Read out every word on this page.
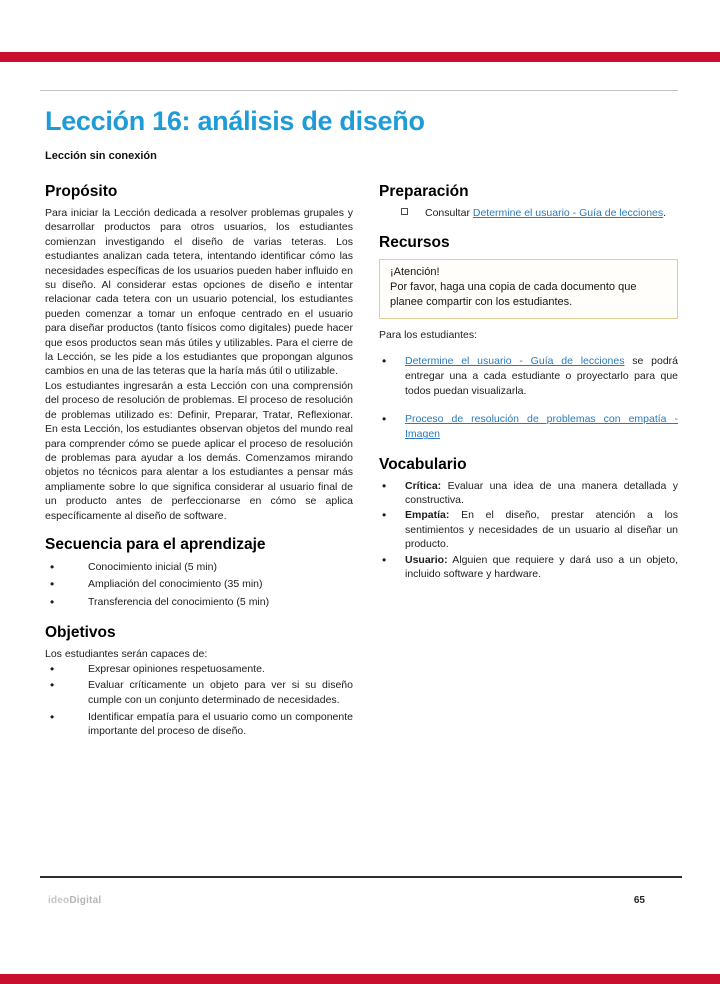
Lección 16: análisis de diseño
Lección sin conexión
Propósito

Para iniciar la Lección dedicada a resolver problemas grupales y desarrollar productos para otros usuarios, los estudiantes comienzan investigando el diseño de varias teteras. Los estudiantes analizan cada tetera, intentando identificar cómo las necesidades específicas de los usuarios pueden haber influido en su diseño. Al considerar estas opciones de diseño e intentar relacionar cada tetera con un usuario potencial, los estudiantes pueden comenzar a tomar un enfoque centrado en el usuario para diseñar productos (tanto físicos como digitales) puede hacer que esos productos sean más útiles y utilizables. Para el cierre de la Lección, se les pide a los estudiantes que propongan algunos cambios en una de las teteras que la haría más útil o utilizable.

Los estudiantes ingresarán a esta Lección con una comprensión del proceso de resolución de problemas. El proceso de resolución de problemas utilizado es: Definir, Preparar, Tratar, Reflexionar. En esta Lección, los estudiantes observan objetos del mundo real para comprender cómo se puede aplicar el proceso de resolución de problemas para ayudar a los demás. Comenzamos mirando objetos no técnicos para alentar a los estudiantes a pensar más ampliamente sobre lo que significa considerar al usuario final de un producto antes de perfeccionarse en cómo se aplica específicamente al diseño de software.

Secuencia para el aprendizaje
• Conocimiento inicial (5 min)
• Ampliación del conocimiento (35 min)
• Transferencia del conocimiento (5 min)
Objetivos

Los estudiantes serán capaces de:

• Expresar opiniones respetuosamente.
• Evaluar críticamente un objeto para ver si su diseño cumple con un conjunto determinado de necesidades.
• Identificar empatía para el usuario como un componente importante del proceso de diseño.
Preparación
Consultar Determine el usuario - Guía de lecciones.
Recursos
¡Atención!
Por favor, haga una copia de cada documento que planee compartir con los estudiantes.
Para los estudiantes:
• Determine el usuario - Guía de lecciones se podrá entregar una a cada estudiante o proyectarlo para que todos puedan visualizarla.
• Proceso de resolución de problemas con empatía - Imagen
Vocabulario
• Crítica: Evaluar una idea de una manera detallada y constructiva.
• Empatía: En el diseño, prestar atención a los sentimientos y necesidades de un usuario al diseñar un producto.
• Usuario: Alguien que requiere y dará uso a un objeto, incluido software y hardware.
ideoDigital	65
